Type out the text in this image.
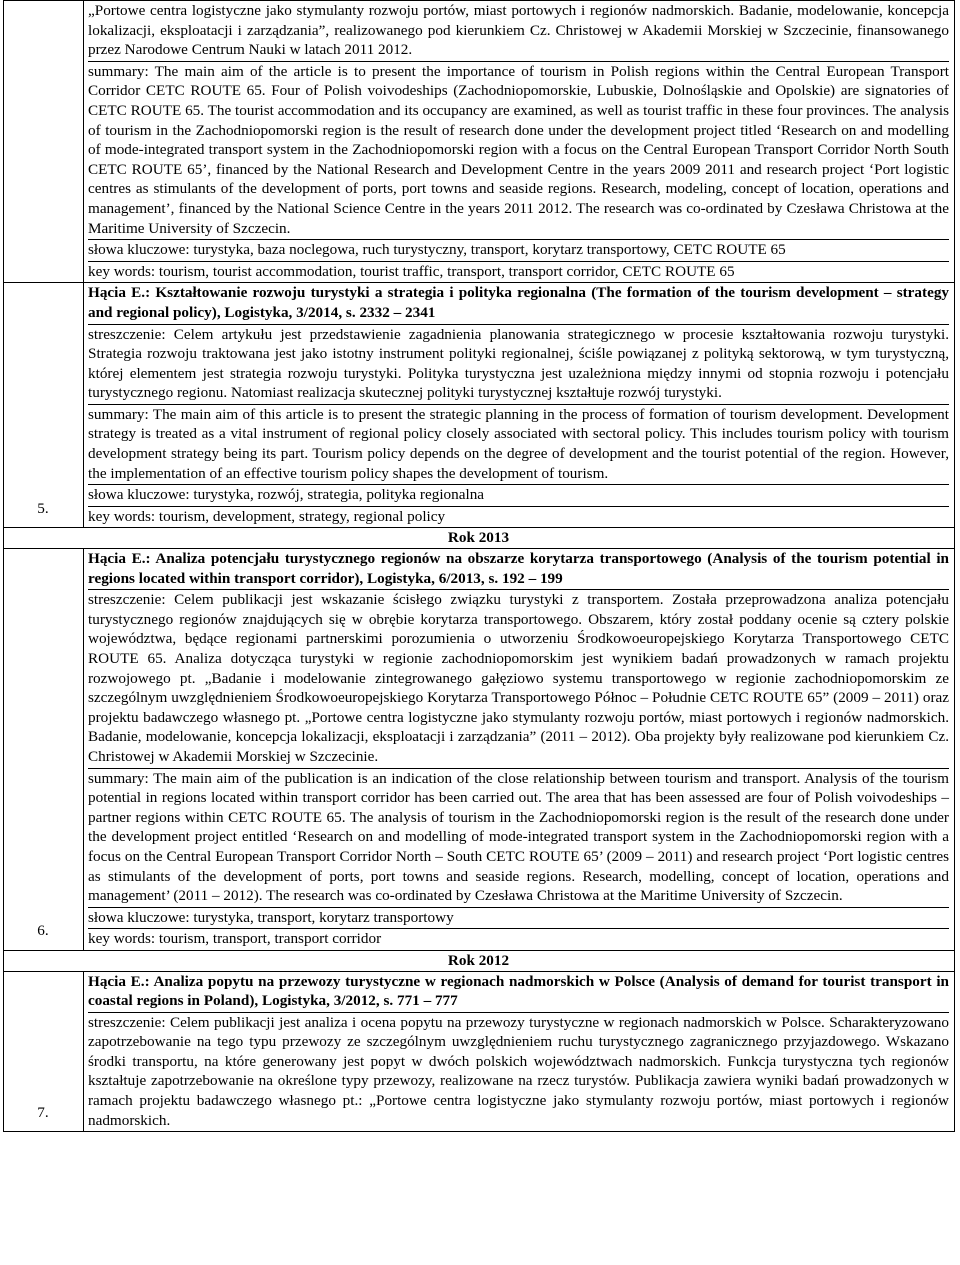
	„Portowe centra logistyczne jako stymulanty rozwoju portów, miast portowych i regionów nadmorskich. Badanie, modelowanie, koncepcja lokalizacji, eksploatacji i zarządzania”, realizowanego pod kierunkiem Cz. Christowej w Akademii Morskiej w Szczecinie, finansowanego przez Narodowe Centrum Nauki w latach 2011 2012.
summary: The main aim of the article is to present the importance of tourism in Polish regions within the Central European Transport Corridor CETC ROUTE 65. Four of Polish voivodeships (Zachodniopomorskie, Lubuskie, Dolnośląskie and Opolskie) are signatories of CETC ROUTE 65. The tourist accommodation and its occupancy are examined, as well as tourist traffic in these four provinces. The analysis of tourism in the Zachodniopomorski region is the result of research done under the development project titled ‘Research on and modelling of mode-integrated transport system in the Zachodniopomorski region with a focus on the Central European Transport Corridor North South CETC ROUTE 65’, financed by the National Research and Development Centre in the years 2009 2011 and research project ‘Port logistic centres as stimulants of the development of ports, port towns and seaside regions. Research, modeling, concept of location, operations and management’, financed by the National Science Centre in the years 2011 2012. The research was co-ordinated by Czesława Christowa at the Maritime University of Szczecin.
słowa kluczowe: turystyka, baza noclegowa, ruch turystyczny, transport, korytarz transportowy, CETC ROUTE 65
key words: tourism, tourist accommodation, tourist traffic, transport, transport corridor, CETC ROUTE 65

5.	Hącia E.: Kształtowanie rozwoju turystyki a strategia i polityka regionalna (The formation of the tourism development – strategy and regional policy), Logistyka, 3/2014, s. 2332 – 2341
streszczenie: Celem artykułu jest przedstawienie zagadnienia planowania strategicznego w procesie kształtowania rozwoju turystyki. Strategia rozwoju traktowana jest jako istotny instrument polityki regionalnej, ściśle powiązanej z polityką sektorową, w tym turystyczną, której elementem jest strategia rozwoju turystyki. Polityka turystyczna jest uzależniona między innymi od stopnia rozwoju i potencjału turystycznego regionu. Natomiast realizacja skutecznej polityki turystycznej kształtuje rozwój turystyki.
summary: The main aim of this article is to present the strategic planning in the process of formation of tourism development. Development strategy is treated as a vital instrument of regional policy closely associated with sectoral policy. This includes tourism policy with tourism development strategy being its part. Tourism policy depends on the degree of development and the tourist potential of the region. However, the implementation of an effective tourism policy shapes the development of tourism.
słowa kluczowe: turystyka, rozwój, strategia, polityka regionalna
key words: tourism, development, strategy, regional policy

Rok 2013	
6.	Hącia E.: Analiza potencjału turystycznego regionów na obszarze korytarza transportowego (Analysis of the tourism potential in regions located within transport corridor), Logistyka, 6/2013, s. 192 – 199
streszczenie: Celem publikacji jest wskazanie ścisłego związku turystyki z transportem. Została przeprowadzona analiza potencjału turystycznego regionów znajdujących się w obrębie korytarza transportowego. Obszarem, który został poddany ocenie są cztery polskie województwa, będące regionami partnerskimi porozumienia o utworzeniu Środkowoeuropejskiego Korytarza Transportowego CETC ROUTE 65. Analiza dotycząca turystyki w regionie zachodniopomorskim jest wynikiem badań prowadzonych w ramach projektu rozwojowego pt. „Badanie i modelowanie zintegrowanego gałęziowo systemu transportowego w regionie zachodniopomorskim ze szczególnym uwzględnieniem Środkowoeuropejskiego Korytarza Transportowego Północ – Południe CETC ROUTE 65” (2009 – 2011) oraz projektu badawczego własnego pt. „Portowe centra logistyczne jako stymulanty rozwoju portów, miast portowych i regionów nadmorskich. Badanie, modelowanie, koncepcja lokalizacji, eksploatacji i zarządzania” (2011 – 2012). Oba projekty były realizowane pod kierunkiem Cz. Christowej w Akademii Morskiej w Szczecinie.
summary: The main aim of the publication is an indication of the close relationship between tourism and transport. Analysis of the tourism potential in regions located within transport corridor has been carried out. The area that has been assessed are four of Polish voivodeships – partner regions within CETC ROUTE 65. The analysis of tourism in the Zachodniopomorski region is the result of the research done under the development project entitled ‘Research on and modelling of mode-integrated transport system in the Zachodniopomorski region with a focus on the Central European Transport Corridor North – South CETC ROUTE 65’ (2009 – 2011) and research project ‘Port logistic centres as stimulants of the development of ports, port towns and seaside regions. Research, modelling, concept of location, operations and management’ (2011 – 2012). The research was co-ordinated by Czesława Christowa at the Maritime University of Szczecin.
słowa kluczowe: turystyka, transport, korytarz transportowy
key words: tourism, transport, transport corridor

Rok 2012	
7.	Hącia E.: Analiza popytu na przewozy turystyczne w regionach nadmorskich w Polsce (Analysis of demand for tourist transport in coastal regions in Poland), Logistyka, 3/2012, s. 771 – 777
streszczenie: Celem publikacji jest analiza i ocena popytu na przewozy turystyczne w regionach nadmorskich w Polsce. Scharakteryzowano zapotrzebowanie na tego typu przewozy ze szczególnym uwzględnieniem ruchu turystycznego zagranicznego przyjazdowego. Wskazano środki transportu, na które generowany jest popyt w dwóch polskich województwach nadmorskich. Funkcja turystyczna tych regionów kształtuje zapotrzebowanie na określone typy przewozy, realizowane na rzecz turystów. Publikacja zawiera wyniki badań prowadzonych w ramach projektu badawczego własnego pt.: „Portowe centra logistyczne jako stymulanty rozwoju portów, miast portowych i regionów nadmorskich.
